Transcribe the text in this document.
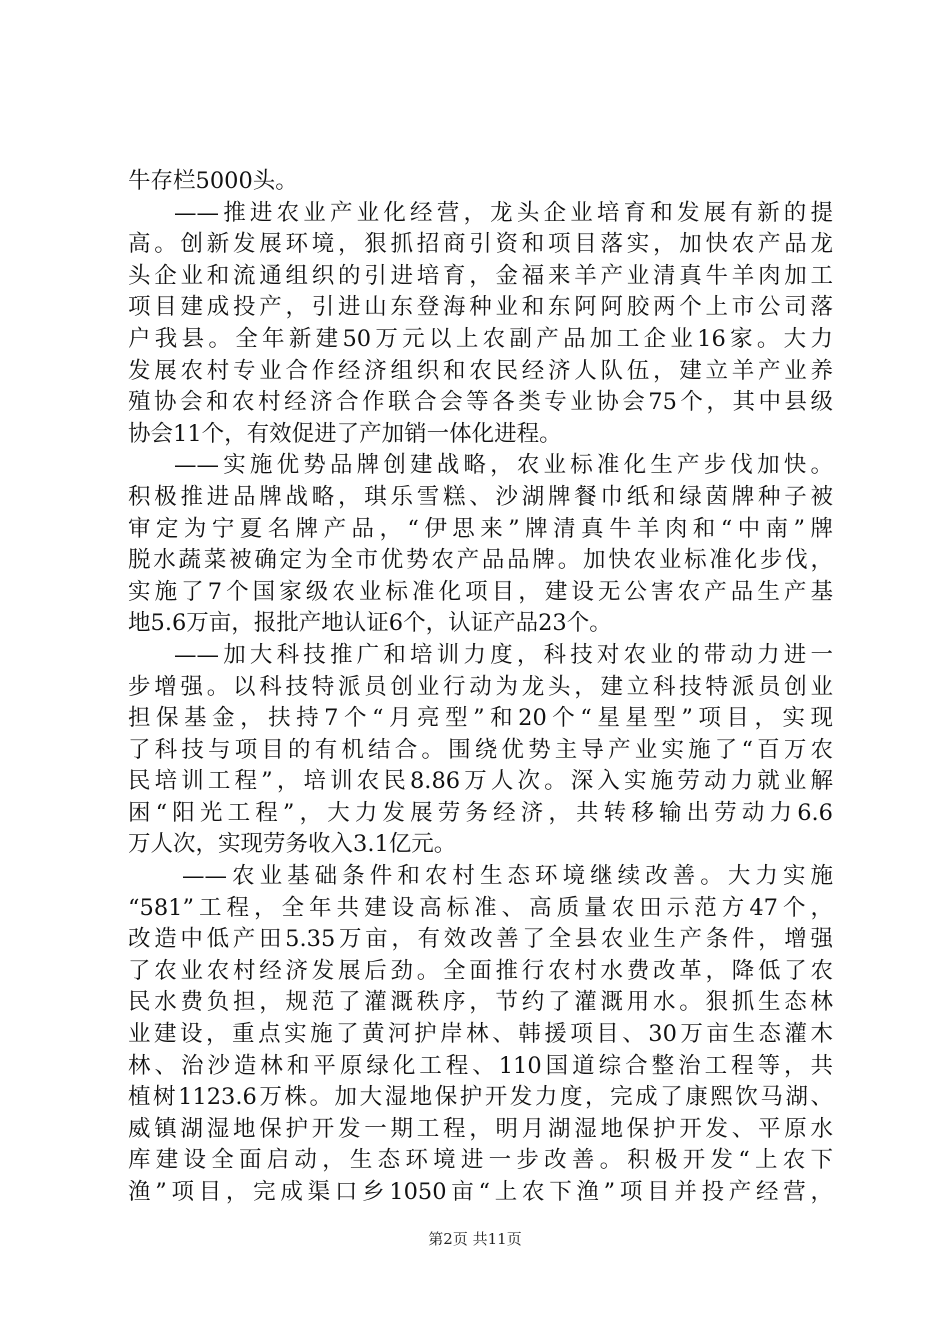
牛存栏5000头。
——推进农业产业化经营，龙头企业培育和发展有新的提
高。创新发展环境，狠抓招商引资和项目落实，加快农产品龙
头企业和流通组织的引进培育，金福来羊产业清真牛羊肉加工
项目建成投产，引进山东登海种业和东阿阿胶两个上市公司落
户我县。全年新建50万元以上农副产品加工企业16家。大力
发展农村专业合作经济组织和农民经济人队伍，建立羊产业养
殖协会和农村经济合作联合会等各类专业协会75个，其中县级
协会11个，有效促进了产加销一体化进程。
——实施优势品牌创建战略，农业标准化生产步伐加快。
积极推进品牌战略，琪乐雪糕、沙湖牌餐巾纸和绿茵牌种子被
审定为宁夏名牌产品，“伊思来”牌清真牛羊肉和“中南”牌
脱水蔬菜被确定为全市优势农产品品牌。加快农业标准化步伐，
实施了7个国家级农业标准化项目，建设无公害农产品生产基
地5.6万亩，报批产地认证6个，认证产品23个。
——加大科技推广和培训力度，科技对农业的带动力进一
步增强。以科技特派员创业行动为龙头，建立科技特派员创业
担保基金，扶持7个“月亮型”和20个“星星型”项目，实现
了科技与项目的有机结合。围绕优势主导产业实施了“百万农
民培训工程”，培训农民8.86万人次。深入实施劳动力就业解
困“阳光工程”，大力发展劳务经济，共转移输出劳动力6.6
万人次，实现劳务收入3.1亿元。
——农业基础条件和农村生态环境继续改善。大力实施
“581”工程，全年共建设高标准、高质量农田示范方47个，
改造中低产田5.35万亩，有效改善了全县农业生产条件，增强
了农业农村经济发展后劲。全面推行农村水费改革，降低了农
民水费负担，规范了灌溉秩序，节约了灌溉用水。狠抓生态林
业建设，重点实施了黄河护岸林、韩援项目、30万亩生态灌木
林、治沙造林和平原绿化工程、110国道综合整治工程等，共
植树1123.6万株。加大湿地保护开发力度，完成了康熙饮马湖、
威镇湖湿地保护开发一期工程，明月湖湿地保护开发、平原水
库建设全面启动，生态环境进一步改善。积极开发“上农下
渔”项目，完成渠口乡1050亩“上农下渔”项目并投产经营，
第2页 共11页
